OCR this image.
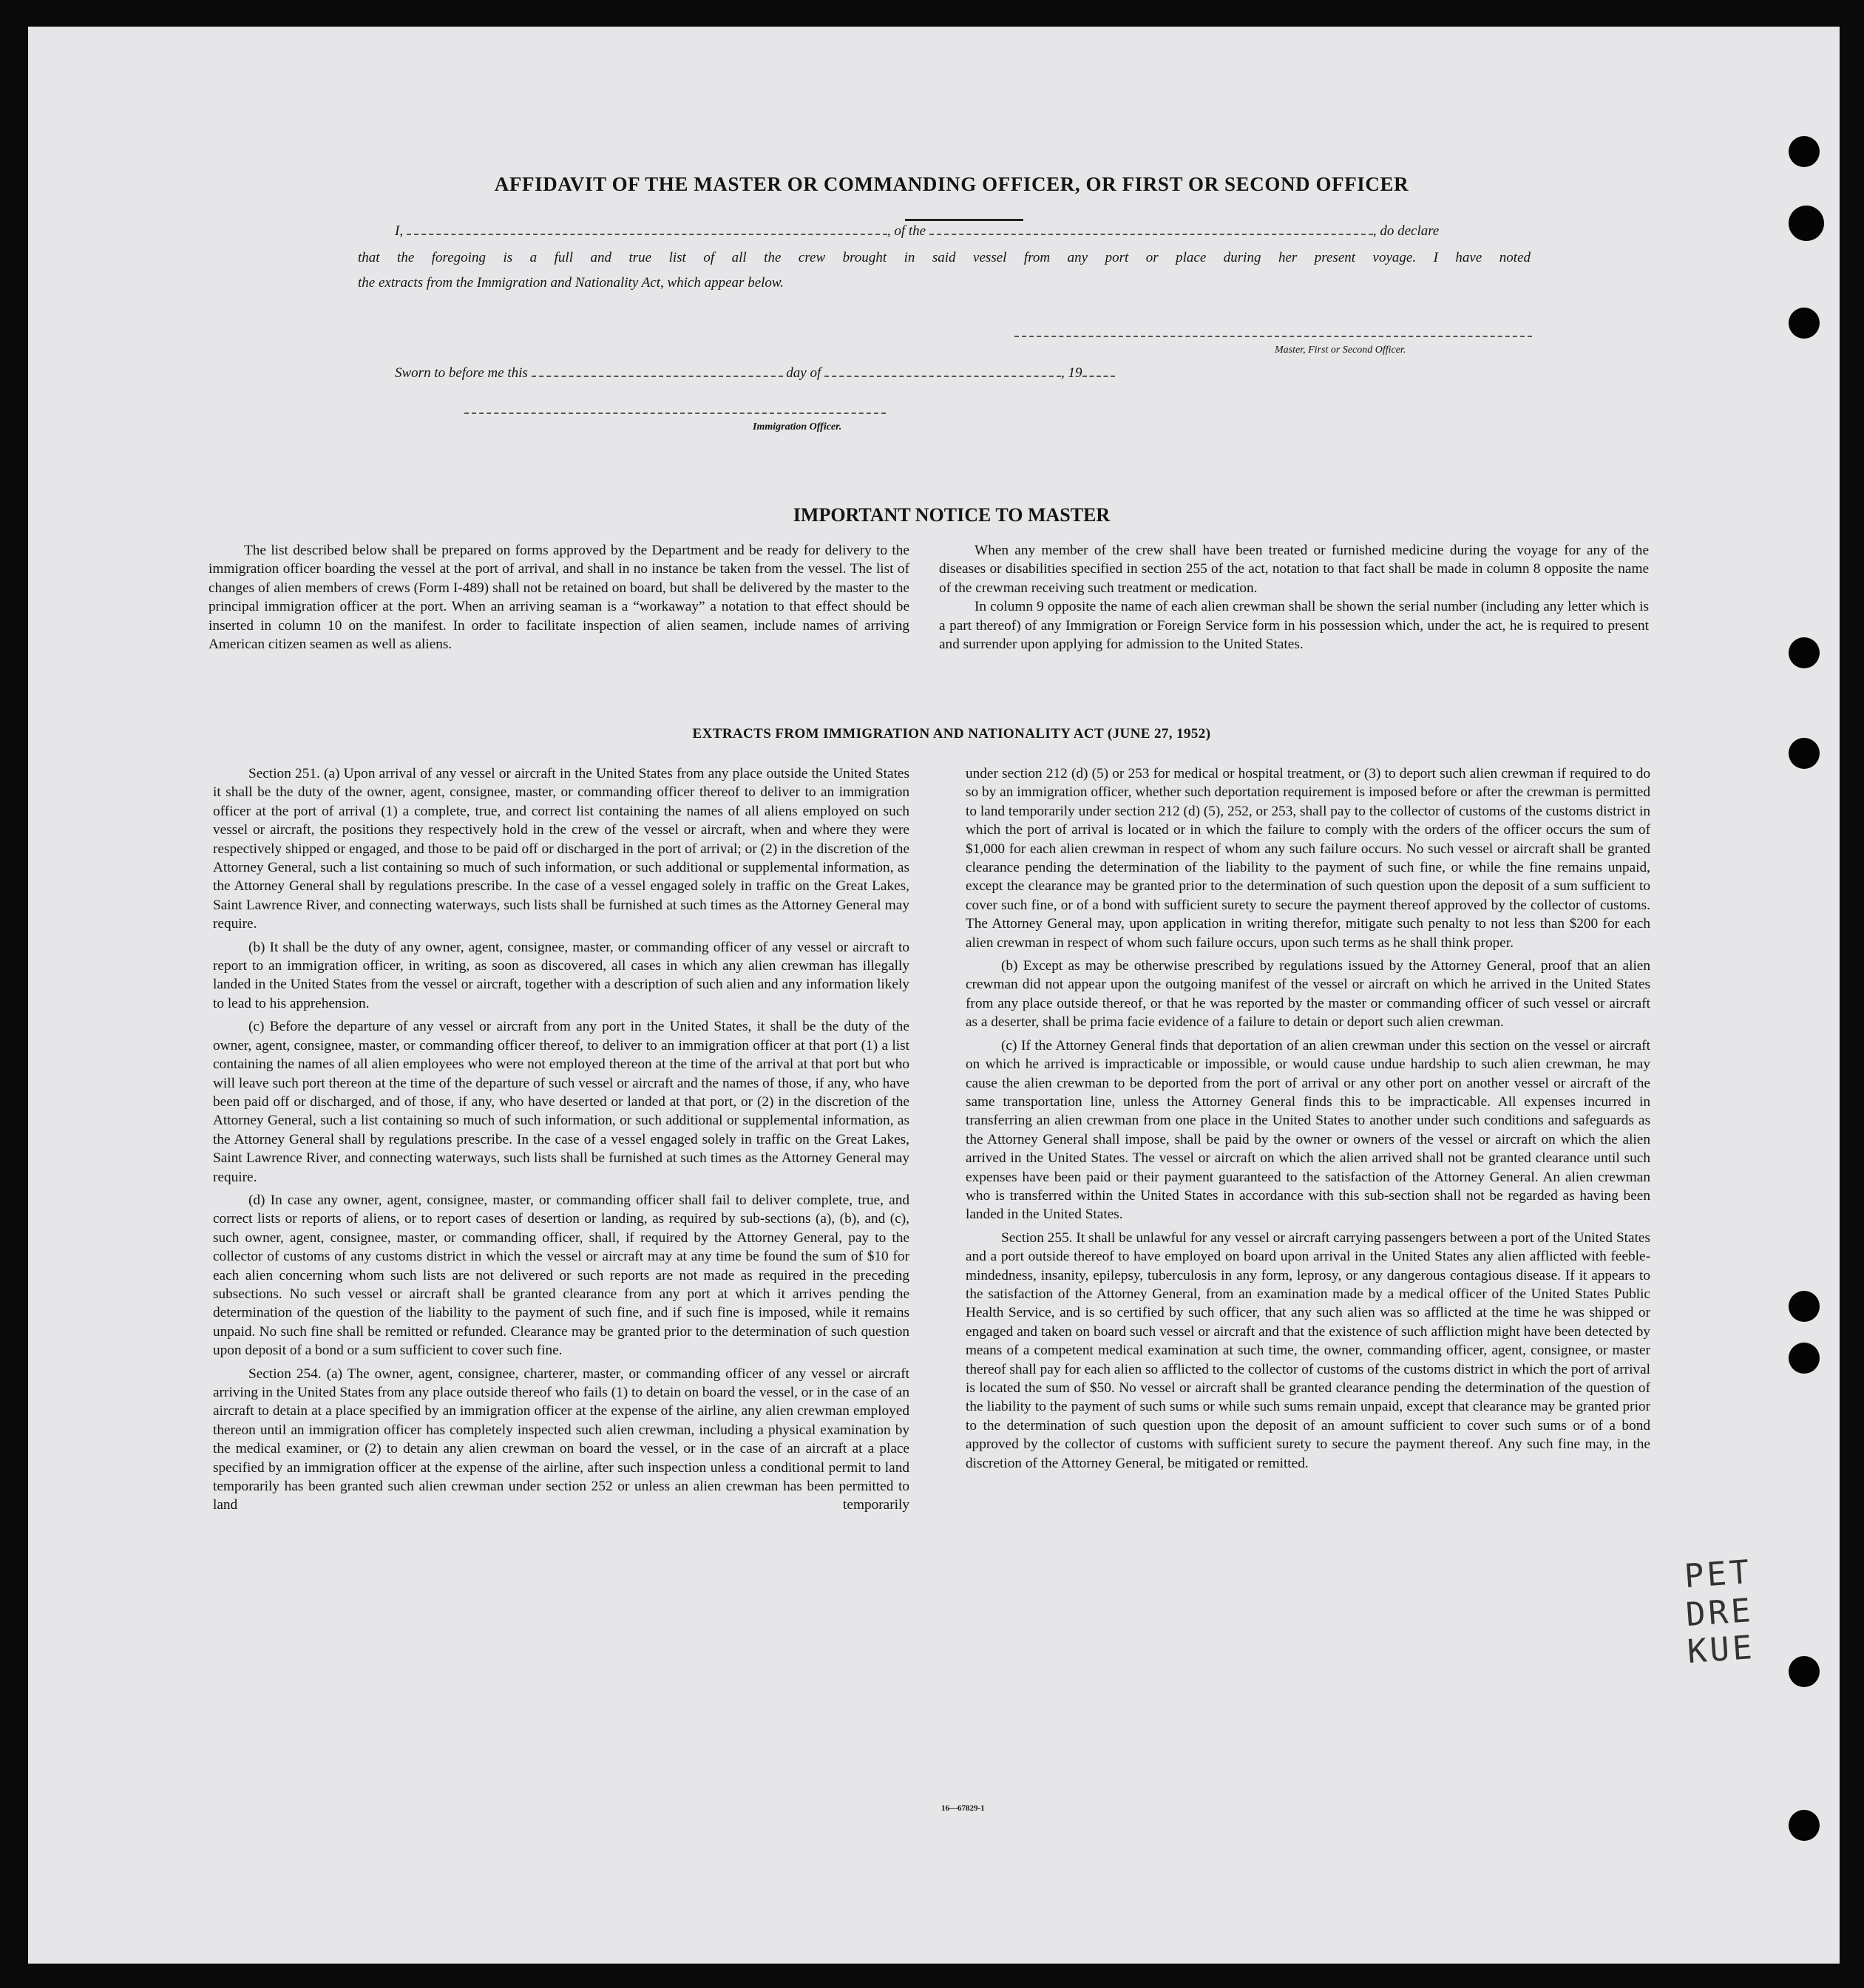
AFFIDAVIT OF THE MASTER OR COMMANDING OFFICER, OR FIRST OR SECOND OFFICER
I,	, of the	, do declare
that the foregoing is a full and true list of all the crew brought in said vessel from any port or place during her present voyage. I have noted
the extracts from the Immigration and Nationality Act, which appear below.
Master, First or Second Officer.
Sworn to before me this	day of	, 19
Immigration Officer.
IMPORTANT NOTICE TO MASTER

The list described below shall be prepared on forms approved by the Department and be ready for delivery to the immigration officer boarding the vessel at the port of arrival, and shall in no instance be taken from the vessel. The list of changes of alien members of crews (Form I-489) shall not be retained on board, but shall be delivered by the master to the principal immigration officer at the port. When an arriving seaman is a “workaway” a notation to that effect should be inserted in column 10 on the manifest. In order to facilitate inspection of alien seamen, include names of arriving American citizen seamen as well as aliens.

When any member of the crew shall have been treated or furnished medicine during the voyage for any of the diseases or disabilities specified in section 255 of the act, notation to that fact shall be made in column 8 opposite the name of the crewman receiving such treatment or medication.

In column 9 opposite the name of each alien crewman shall be shown the serial number (including any letter which is a part thereof) of any Immigration or Foreign Service form in his possession which, under the act, he is required to present and surrender upon applying for admission to the United States.

EXTRACTS FROM IMMIGRATION AND NATIONALITY ACT (JUNE 27, 1952)

Section 251. (a) Upon arrival of any vessel or aircraft in the United States from any place outside the United States it shall be the duty of the owner, agent, consignee, master, or commanding officer thereof to deliver to an immigration officer at the port of arrival (1) a complete, true, and correct list containing the names of all aliens employed on such vessel or aircraft, the positions they respectively hold in the crew of the vessel or aircraft, when and where they were respectively shipped or engaged, and those to be paid off or discharged in the port of arrival; or (2) in the discretion of the Attorney General, such a list containing so much of such information, or such additional or supplemental information, as the Attorney General shall by regulations prescribe. In the case of a vessel engaged solely in traffic on the Great Lakes, Saint Lawrence River, and connecting waterways, such lists shall be furnished at such times as the Attorney General may require.

(b) It shall be the duty of any owner, agent, consignee, master, or commanding officer of any vessel or aircraft to report to an immigration officer, in writing, as soon as discovered, all cases in which any alien crewman has illegally landed in the United States from the vessel or aircraft, together with a description of such alien and any information likely to lead to his apprehension.

(c) Before the departure of any vessel or aircraft from any port in the United States, it shall be the duty of the owner, agent, consignee, master, or commanding officer thereof, to deliver to an immigration officer at that port (1) a list containing the names of all alien employees who were not employed thereon at the time of the arrival at that port but who will leave such port thereon at the time of the departure of such vessel or aircraft and the names of those, if any, who have been paid off or discharged, and of those, if any, who have deserted or landed at that port, or (2) in the discretion of the Attorney General, such a list containing so much of such information, or such additional or supplemental information, as the Attorney General shall by regulations prescribe. In the case of a vessel engaged solely in traffic on the Great Lakes, Saint Lawrence River, and connecting waterways, such lists shall be furnished at such times as the Attorney General may require.

(d) In case any owner, agent, consignee, master, or commanding officer shall fail to deliver complete, true, and correct lists or reports of aliens, or to report cases of desertion or landing, as required by sub-sections (a), (b), and (c), such owner, agent, consignee, master, or commanding officer, shall, if required by the Attorney General, pay to the collector of customs of any customs district in which the vessel or aircraft may at any time be found the sum of $10 for each alien concerning whom such lists are not delivered or such reports are not made as required in the preceding subsections. No such vessel or aircraft shall be granted clearance from any port at which it arrives pending the determination of the question of the liability to the payment of such fine, and if such fine is imposed, while it remains unpaid. No such fine shall be remitted or refunded. Clearance may be granted prior to the determination of such question upon deposit of a bond or a sum sufficient to cover such fine.

Section 254. (a) The owner, agent, consignee, charterer, master, or commanding officer of any vessel or aircraft arriving in the United States from any place outside thereof who fails (1) to detain on board the vessel, or in the case of an aircraft to detain at a place specified by an immigration officer at the expense of the airline, any alien crewman employed thereon until an immigration officer has completely inspected such alien crewman, including a physical examination by the medical examiner, or (2) to detain any alien crewman on board the vessel, or in the case of an aircraft at a place specified by an immigration officer at the expense of the airline, after such inspection unless a conditional permit to land temporarily has been granted such alien crewman under section 252 or unless an alien crewman has been permitted to land temporarily

under section 212 (d) (5) or 253 for medical or hospital treatment, or (3) to deport such alien crewman if required to do so by an immigration officer, whether such deportation requirement is imposed before or after the crewman is permitted to land temporarily under section 212 (d) (5), 252, or 253, shall pay to the collector of customs of the customs district in which the port of arrival is located or in which the failure to comply with the orders of the officer occurs the sum of $1,000 for each alien crewman in respect of whom any such failure occurs. No such vessel or aircraft shall be granted clearance pending the determination of the liability to the payment of such fine, or while the fine remains unpaid, except the clearance may be granted prior to the determination of such question upon the deposit of a sum sufficient to cover such fine, or of a bond with sufficient surety to secure the payment thereof approved by the collector of customs. The Attorney General may, upon application in writing therefor, mitigate such penalty to not less than $200 for each alien crewman in respect of whom such failure occurs, upon such terms as he shall think proper.

(b) Except as may be otherwise prescribed by regulations issued by the Attorney General, proof that an alien crewman did not appear upon the outgoing manifest of the vessel or aircraft on which he arrived in the United States from any place outside thereof, or that he was reported by the master or commanding officer of such vessel or aircraft as a deserter, shall be prima facie evidence of a failure to detain or deport such alien crewman.

(c) If the Attorney General finds that deportation of an alien crewman under this section on the vessel or aircraft on which he arrived is impracticable or impossible, or would cause undue hardship to such alien crewman, he may cause the alien crewman to be deported from the port of arrival or any other port on another vessel or aircraft of the same transportation line, unless the Attorney General finds this to be impracticable. All expenses incurred in transferring an alien crewman from one place in the United States to another under such conditions and safeguards as the Attorney General shall impose, shall be paid by the owner or owners of the vessel or aircraft on which the alien arrived in the United States. The vessel or aircraft on which the alien arrived shall not be granted clearance until such expenses have been paid or their payment guaranteed to the satisfaction of the Attorney General. An alien crewman who is transferred within the United States in accordance with this sub-section shall not be regarded as having been landed in the United States.

Section 255. It shall be unlawful for any vessel or aircraft carrying passengers between a port of the United States and a port outside thereof to have employed on board upon arrival in the United States any alien afflicted with feeble-mindedness, insanity, epilepsy, tuberculosis in any form, leprosy, or any dangerous contagious disease. If it appears to the satisfaction of the Attorney General, from an examination made by a medical officer of the United States Public Health Service, and is so certified by such officer, that any such alien was so afflicted at the time he was shipped or engaged and taken on board such vessel or aircraft and that the existence of such affliction might have been detected by means of a competent medical examination at such time, the owner, commanding officer, agent, consignee, or master thereof shall pay for each alien so afflicted to the collector of customs of the customs district in which the port of arrival is located the sum of $50. No vessel or aircraft shall be granted clearance pending the determination of the question of the liability to the payment of such sums or while such sums remain unpaid, except that clearance may be granted prior to the determination of such question upon the deposit of an amount sufficient to cover such sums or of a bond approved by the collector of customs with sufficient surety to secure the payment thereof. Any such fine may, in the discretion of the Attorney General, be mitigated or remitted.

16—67829-1
PET
DRE
KUE
